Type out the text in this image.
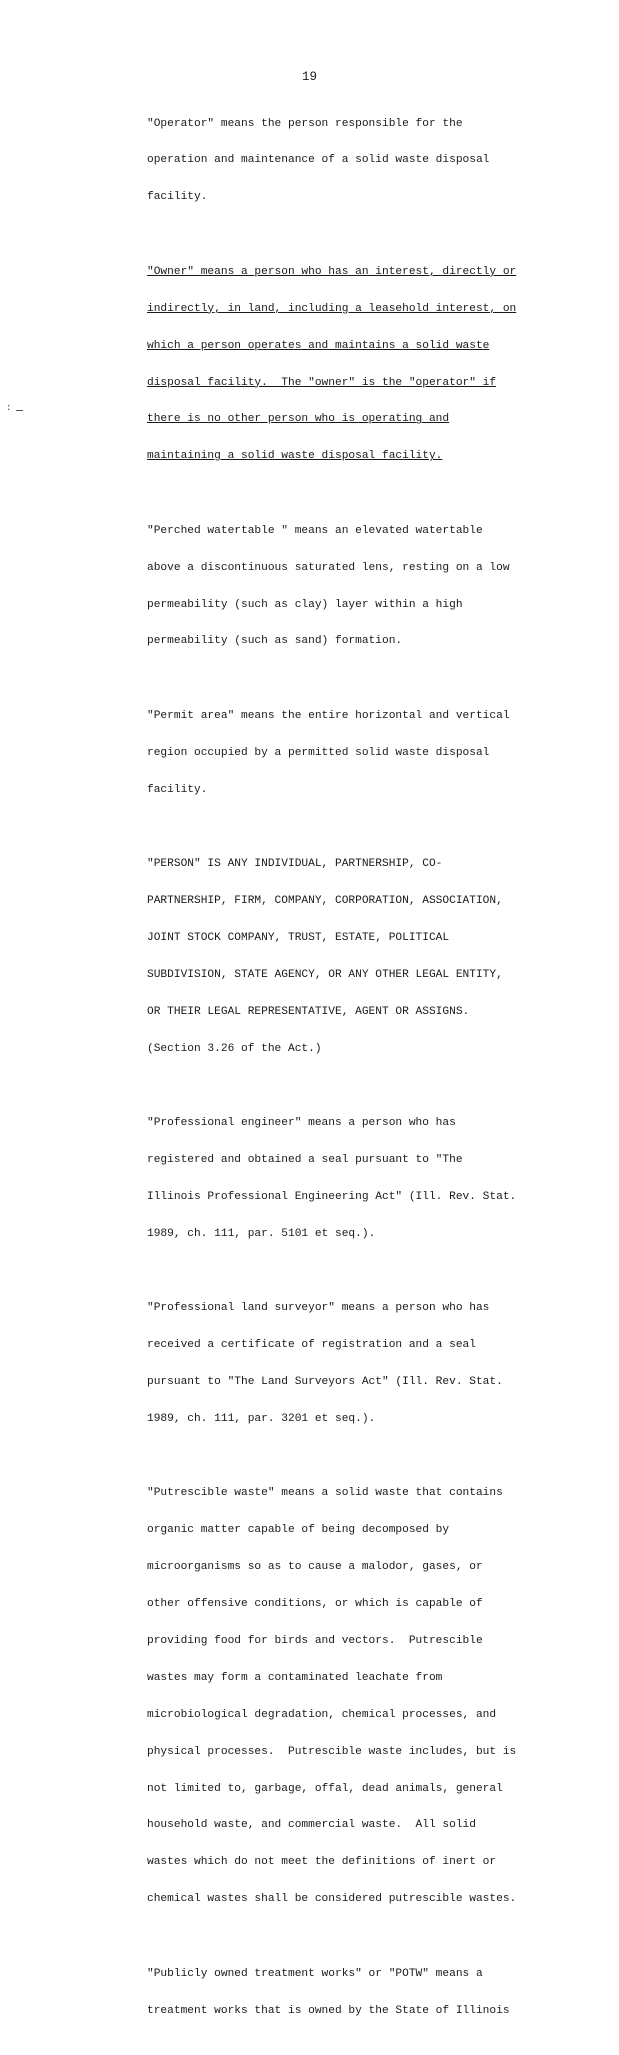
19
:

"Operator" means the person responsible for the

operation and maintenance of a solid waste disposal

facility.

"Owner" means a person who has an interest, directly or

indirectly, in land, including a leasehold interest, on

which a person operates and maintains a solid waste

disposal facility.  The "owner" is the "operator" if

there is no other person who is operating and

maintaining a solid waste disposal facility.

"Perched watertable " means an elevated watertable

above a discontinuous saturated lens, resting on a low

permeability (such as clay) layer within a high

permeability (such as sand) formation.

"Permit area" means the entire horizontal and vertical

region occupied by a permitted solid waste disposal

facility.

"PERSON" IS ANY INDIVIDUAL, PARTNERSHIP, CO-

PARTNERSHIP, FIRM, COMPANY, CORPORATION, ASSOCIATION,

JOINT STOCK COMPANY, TRUST, ESTATE, POLITICAL

SUBDIVISION, STATE AGENCY, OR ANY OTHER LEGAL ENTITY,

OR THEIR LEGAL REPRESENTATIVE, AGENT OR ASSIGNS.

(Section 3.26 of the Act.)

"Professional engineer" means a person who has

registered and obtained a seal pursuant to "The

Illinois Professional Engineering Act" (Ill. Rev. Stat.

1989, ch. 111, par. 5101 et seq.).

"Professional land surveyor" means a person who has

received a certificate of registration and a seal

pursuant to "The Land Surveyors Act" (Ill. Rev. Stat.

1989, ch. 111, par. 3201 et seq.).

"Putrescible waste" means a solid waste that contains

organic matter capable of being decomposed by

microorganisms so as to cause a malodor, gases, or

other offensive conditions, or which is capable of

providing food for birds and vectors.  Putrescible

wastes may form a contaminated leachate from

microbiological degradation, chemical processes, and

physical processes.  Putrescible waste includes, but is

not limited to, garbage, offal, dead animals, general

household waste, and commercial waste.  All solid

wastes which do not meet the definitions of inert or

chemical wastes shall be considered putrescible wastes.

"Publicly owned treatment works" or "POTW" means a

treatment works that is owned by the State of Illinois
